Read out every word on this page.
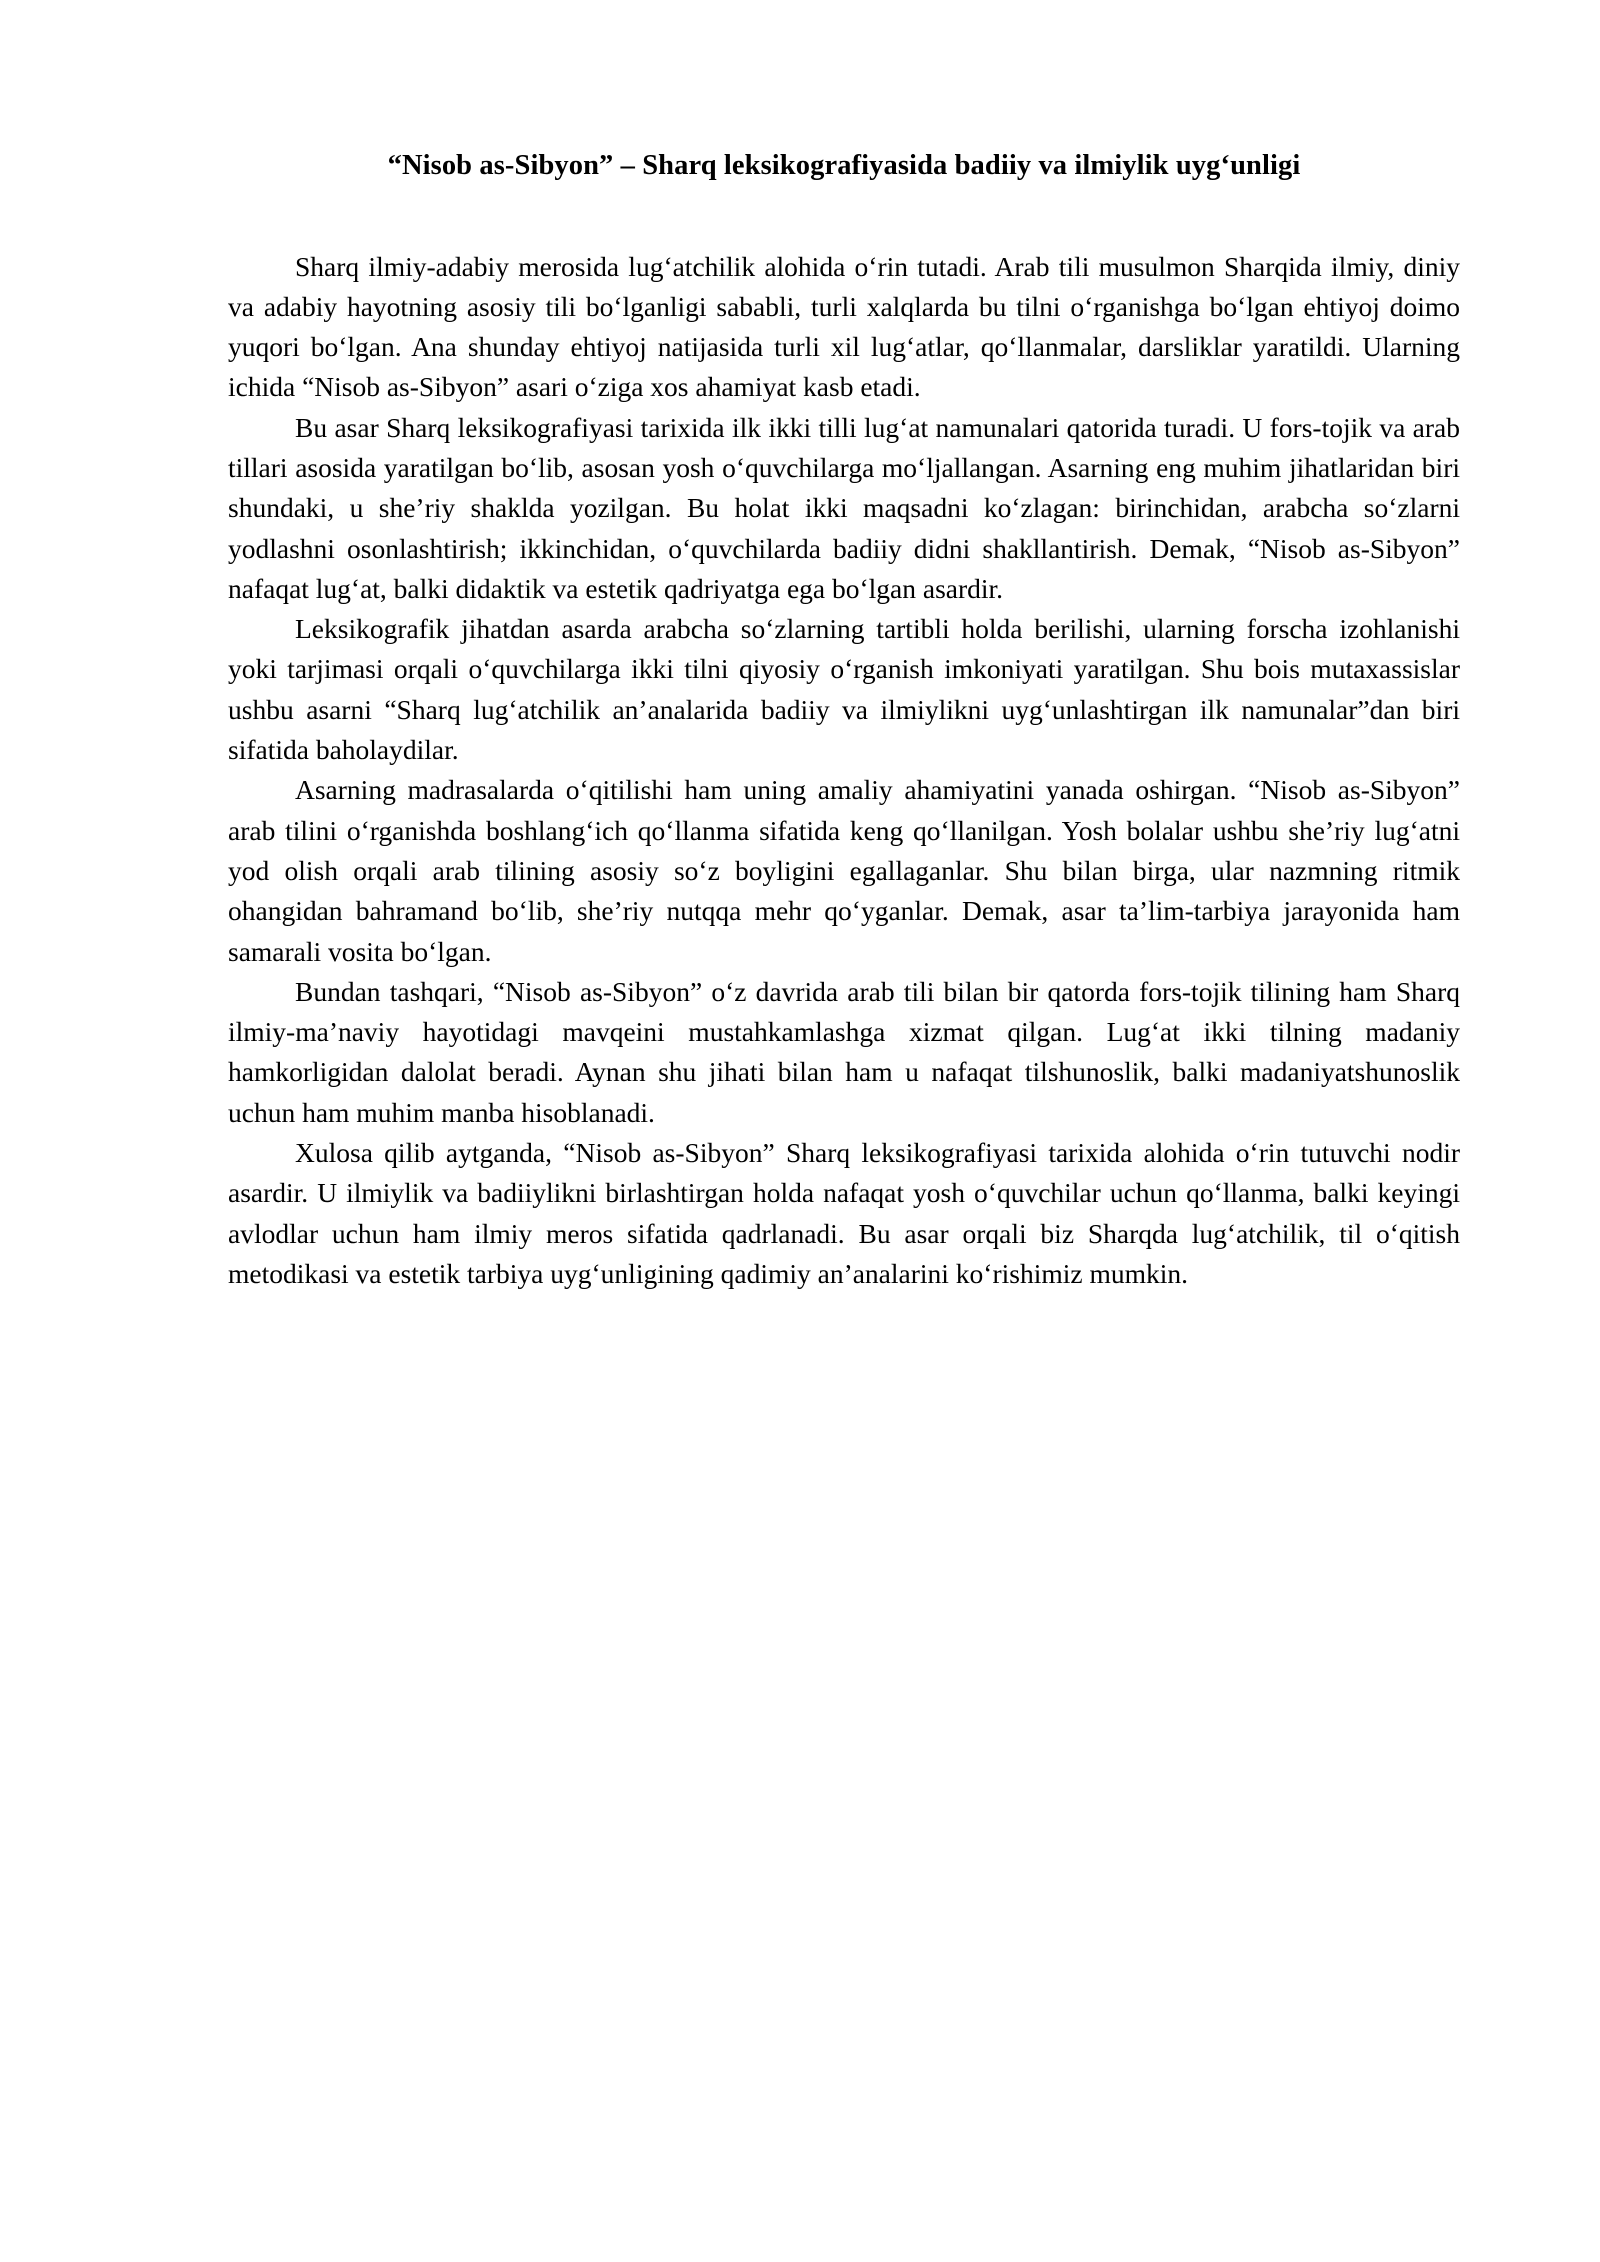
“Nisob as-Sibyon” – Sharq leksikografiyasida badiiy va ilmiylik uyg‘unligi

Sharq ilmiy-adabiy merosida lug‘atchilik alohida o‘rin tutadi. Arab tili musulmon Sharqida ilmiy, diniy va adabiy hayotning asosiy tili bo‘lganligi sababli, turli xalqlarda bu tilni o‘rganishga bo‘lgan ehtiyoj doimo yuqori bo‘lgan. Ana shunday ehtiyoj natijasida turli xil lug‘atlar, qo‘llanmalar, darsliklar yaratildi. Ularning ichida “Nisob as-Sibyon” asari o‘ziga xos ahamiyat kasb etadi.

Bu asar Sharq leksikografiyasi tarixida ilk ikki tilli lug‘at namunalari qatorida turadi. U fors-tojik va arab tillari asosida yaratilgan bo‘lib, asosan yosh o‘quvchilarga mo‘ljallangan. Asarning eng muhim jihatlaridan biri shundaki, u she’riy shaklda yozilgan. Bu holat ikki maqsadni ko‘zlagan: birinchidan, arabcha so‘zlarni yodlashni osonlashtirish; ikkinchidan, o‘quvchilarda badiiy didni shakllantirish. Demak, “Nisob as-Sibyon” nafaqat lug‘at, balki didaktik va estetik qadriyatga ega bo‘lgan asardir.

Leksikografik jihatdan asarda arabcha so‘zlarning tartibli holda berilishi, ularning forscha izohlanishi yoki tarjimasi orqali o‘quvchilarga ikki tilni qiyosiy o‘rganish imkoniyati yaratilgan. Shu bois mutaxassislar ushbu asarni “Sharq lug‘atchilik an’analarida badiiy va ilmiylikni uyg‘unlashtirgan ilk namunalar”dan biri sifatida baholaydilar.

Asarning madrasalarda o‘qitilishi ham uning amaliy ahamiyatini yanada oshirgan. “Nisob as-Sibyon” arab tilini o‘rganishda boshlang‘ich qo‘llanma sifatida keng qo‘llanilgan. Yosh bolalar ushbu she’riy lug‘atni yod olish orqali arab tilining asosiy so‘z boyligini egallaganlar. Shu bilan birga, ular nazmning ritmik ohangidan bahramand bo‘lib, she’riy nutqqa mehr qo‘yganlar. Demak, asar ta’lim-tarbiya jarayonida ham samarali vosita bo‘lgan.

Bundan tashqari, “Nisob as-Sibyon” o‘z davrida arab tili bilan bir qatorda fors-tojik tilining ham Sharq ilmiy-ma’naviy hayotidagi mavqeini mustahkamlashga xizmat qilgan. Lug‘at ikki tilning madaniy hamkorligidan dalolat beradi. Aynan shu jihati bilan ham u nafaqat tilshunoslik, balki madaniyatshunoslik uchun ham muhim manba hisoblanadi.

Xulosa qilib aytganda, “Nisob as-Sibyon” Sharq leksikografiyasi tarixida alohida o‘rin tutuvchi nodir asardir. U ilmiylik va badiiylikni birlashtirgan holda nafaqat yosh o‘quvchilar uchun qo‘llanma, balki keyingi avlodlar uchun ham ilmiy meros sifatida qadrlanadi. Bu asar orqali biz Sharqda lug‘atchilik, til o‘qitish metodikasi va estetik tarbiya uyg‘unligining qadimiy an’analarini ko‘rishimiz mumkin.
